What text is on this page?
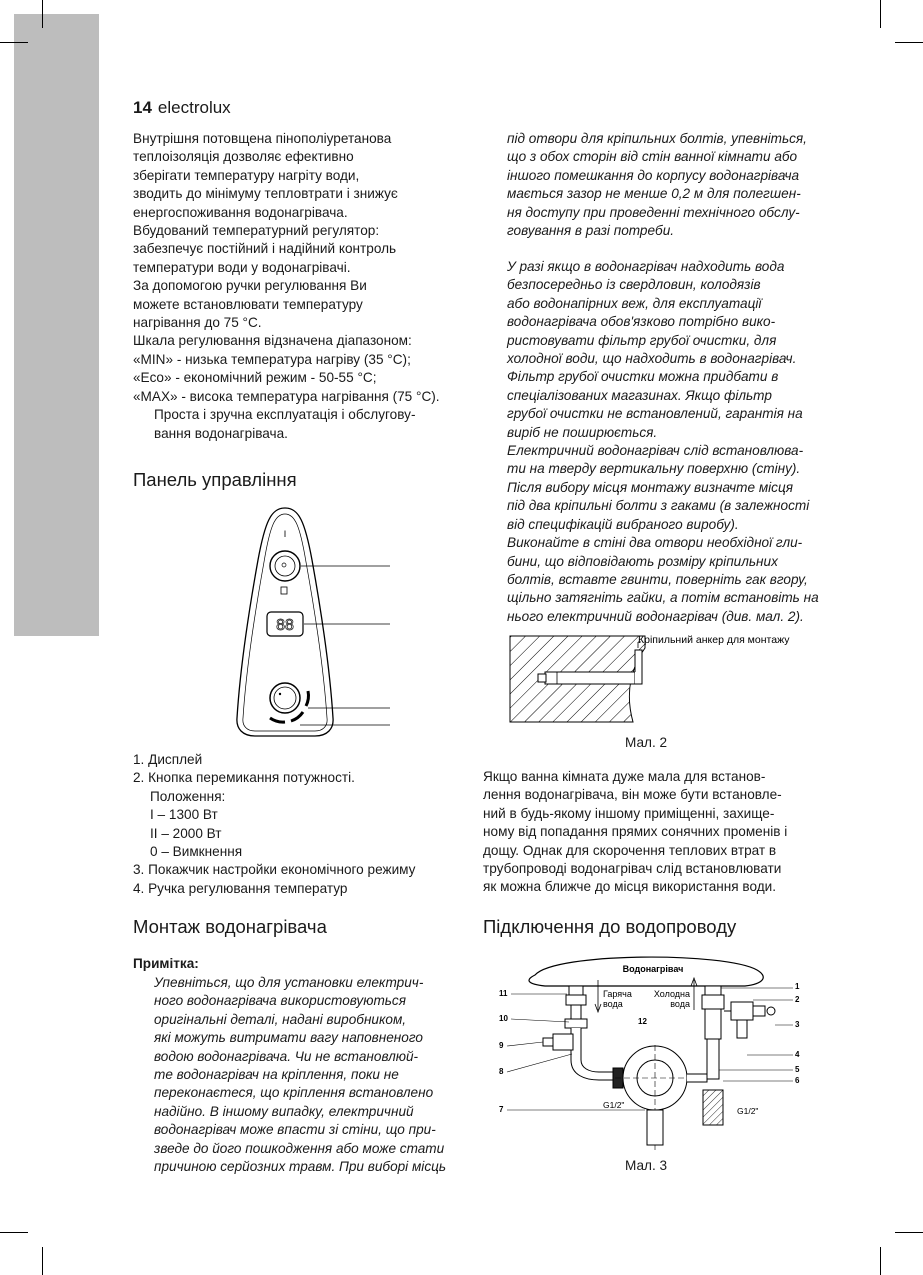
14 electrolux
Внутрішня потовщена пінополіуретанова
теплоізоляція дозволяє ефективно
зберігати температуру нагріту води,
зводить до мінімуму тепловтрати і знижує
енергоспоживання водонагрівача.
Вбудований температурний регулятор:
забезпечує постійний і надійний контроль
температури води у водонагрівачі.
За допомогою ручки регулювання Ви
можете встановлювати температуру
нагрівання до 75 °С.
Шкала регулювання відзначена діапазоном:
«MIN» - низька температура нагріву (35 °С);
«Eco» - економічний режим - 50-55 °С;
«MAX» - висока температура нагрівання (75 °С).
Проста і зручна експлуатація і обслугову-
вання водонагрівача.
Панель управління
I
88
1. Дисплей
2. Кнопка перемикання потужності.
Положення:
I – 1300 Вт
II – 2000 Вт
0 – Вимкнення
3. Покажчик настройки економічного режиму
4. Ручка регулювання температур
Монтаж водонагрівача
Примітка:
Упевніться, що для установки електрич-
ного водонагрівача використовуються
оригінальні деталі, надані виробником,
які можуть витримати вагу наповненого
водою водонагрівача. Чи не встановлюй-
те водонагрівач на кріплення, поки не
переконаєтеся, що кріплення встановлено
надійно. В іншому випадку, електричний
водонагрівач може впасти зі стіни, що при-
зведе до його пошкодження або може стати
причиною серйозних травм. При виборі місць
під отвори для кріпильних болтів, упевніться,
що з обох сторін від стін ванної кімнати або
іншого помешкання до корпусу водонагрівача
мається зазор не менше 0,2 м для полегшен-
ня доступу при проведенні технічного обслу-
говування в разі потреби.
У разі якщо в водонагрівач надходить вода
безпосередньо із свердловин, колодязів
або водонапірних веж, для експлуатації
водонагрівача обов'язково потрібно вико-
ристовувати фільтр грубої очистки, для
холодної води, що надходить в водонагрівач.
Фільтр грубої очистки можна придбати в
спеціалізованих магазинах. Якщо фільтр
грубої очистки не встановлений, гарантія на
виріб не поширюється.
Електричний водонагрівач слід встановлюва-
ти на тверду вертикальну поверхню (стіну).
Після вибору місця монтажу визначте місця
під два кріпильні болти з гаками (в залежності
від специфікацій вибраного виробу).
Виконайте в стіні два отвори необхідної гли-
бини, що відповідають розміру кріпильних
болтів, вставте гвинти, поверніть гак вгору,
щільно затягніть гайки, а потім встановіть на
нього електричний водонагрівач (див. мал. 2).
Кріпильний анкер для монтажу
Мал. 2
Якщо ванна кімната дуже мала для встанов-
лення водонагрівача, він може бути встановле-
ний в будь-якому іншому приміщенні, захище-
ному від попадання прямих сонячних променів і
дощу. Однак для скорочення теплових втрат в
трубопроводі водонагрівач слід встановлювати
як можна ближче до місця використання води.
Підключення до водопроводу
Водонагрівач
Гаряча
вода
Холодна
вода
12
11
10
9
8
7	G1/2"
1
2
3
4
5
6
G1/2"
Мал. 3
